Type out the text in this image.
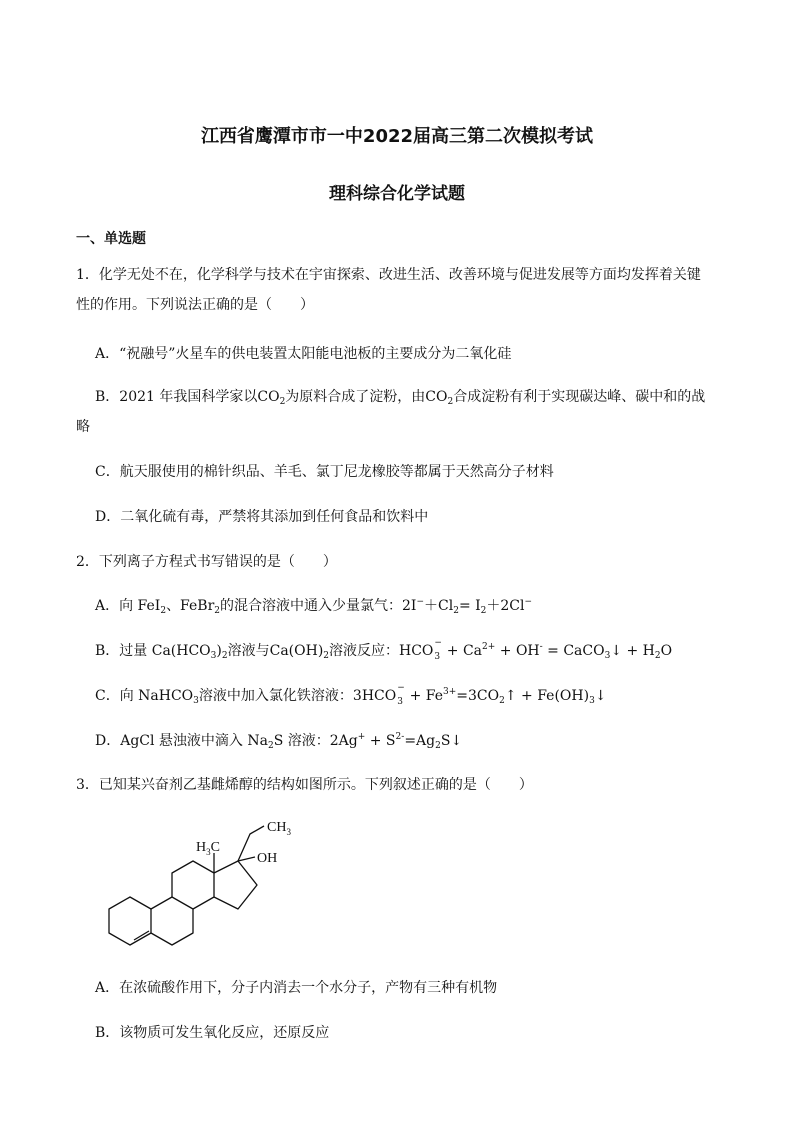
江西省鹰潭市市一中2022届高三第二次模拟考试
理科综合化学试题
一、单选题
1．化学无处不在，化学科学与技术在宇宙探索、改进生活、改善环境与促进发展等方面均发挥着关键
性的作用。下列说法正确的是（　　）
A．“祝融号”火星车的供电装置太阳能电池板的主要成分为二氧化硅
B．2021 年我国科学家以$CO_2$为原料合成了淀粉，由$CO_2$合成淀粉有利于实现碳达峰、碳中和的战
略
C．航天服使用的棉针织品、羊毛、氯丁尼龙橡胶等都属于天然高分子材料
D．二氧化硫有毒，严禁将其添加到任何食品和饮料中
2．下列离子方程式书写错误的是（　　）
A．向 FeI$_2$、FeBr$_2$的混合溶液中通入少量氯气：$2I^-+Cl_2= I_2+2Cl^-$
B．过量 $Ca(HCO_3)_2$溶液与$Ca(OH)_2$溶液反应：HCO −
$3 + Ca^{2+} + OH^-$ = CaCO$_3$↓ + $H_2O$
C．向 NaHCO$_3$溶液中加入氯化铁溶液：3HCO −
$3 + Fe^{3+}=3CO_2↑$ + $Fe(OH)_3↓$
D．AgCl 悬浊液中滴入 $Na_2S$ 溶液：$2Ag^+ + S^{2-}=Ag_2S↓$
3．已知某兴奋剂乙基雌烯醇的结构如图所示。下列叙述正确的是（　　）
$CH_3$
$H_3C$
OH
A．在浓硫酸作用下，分子内消去一个水分子，产物有三种有机物
B．该物质可发生氧化反应，还原反应
